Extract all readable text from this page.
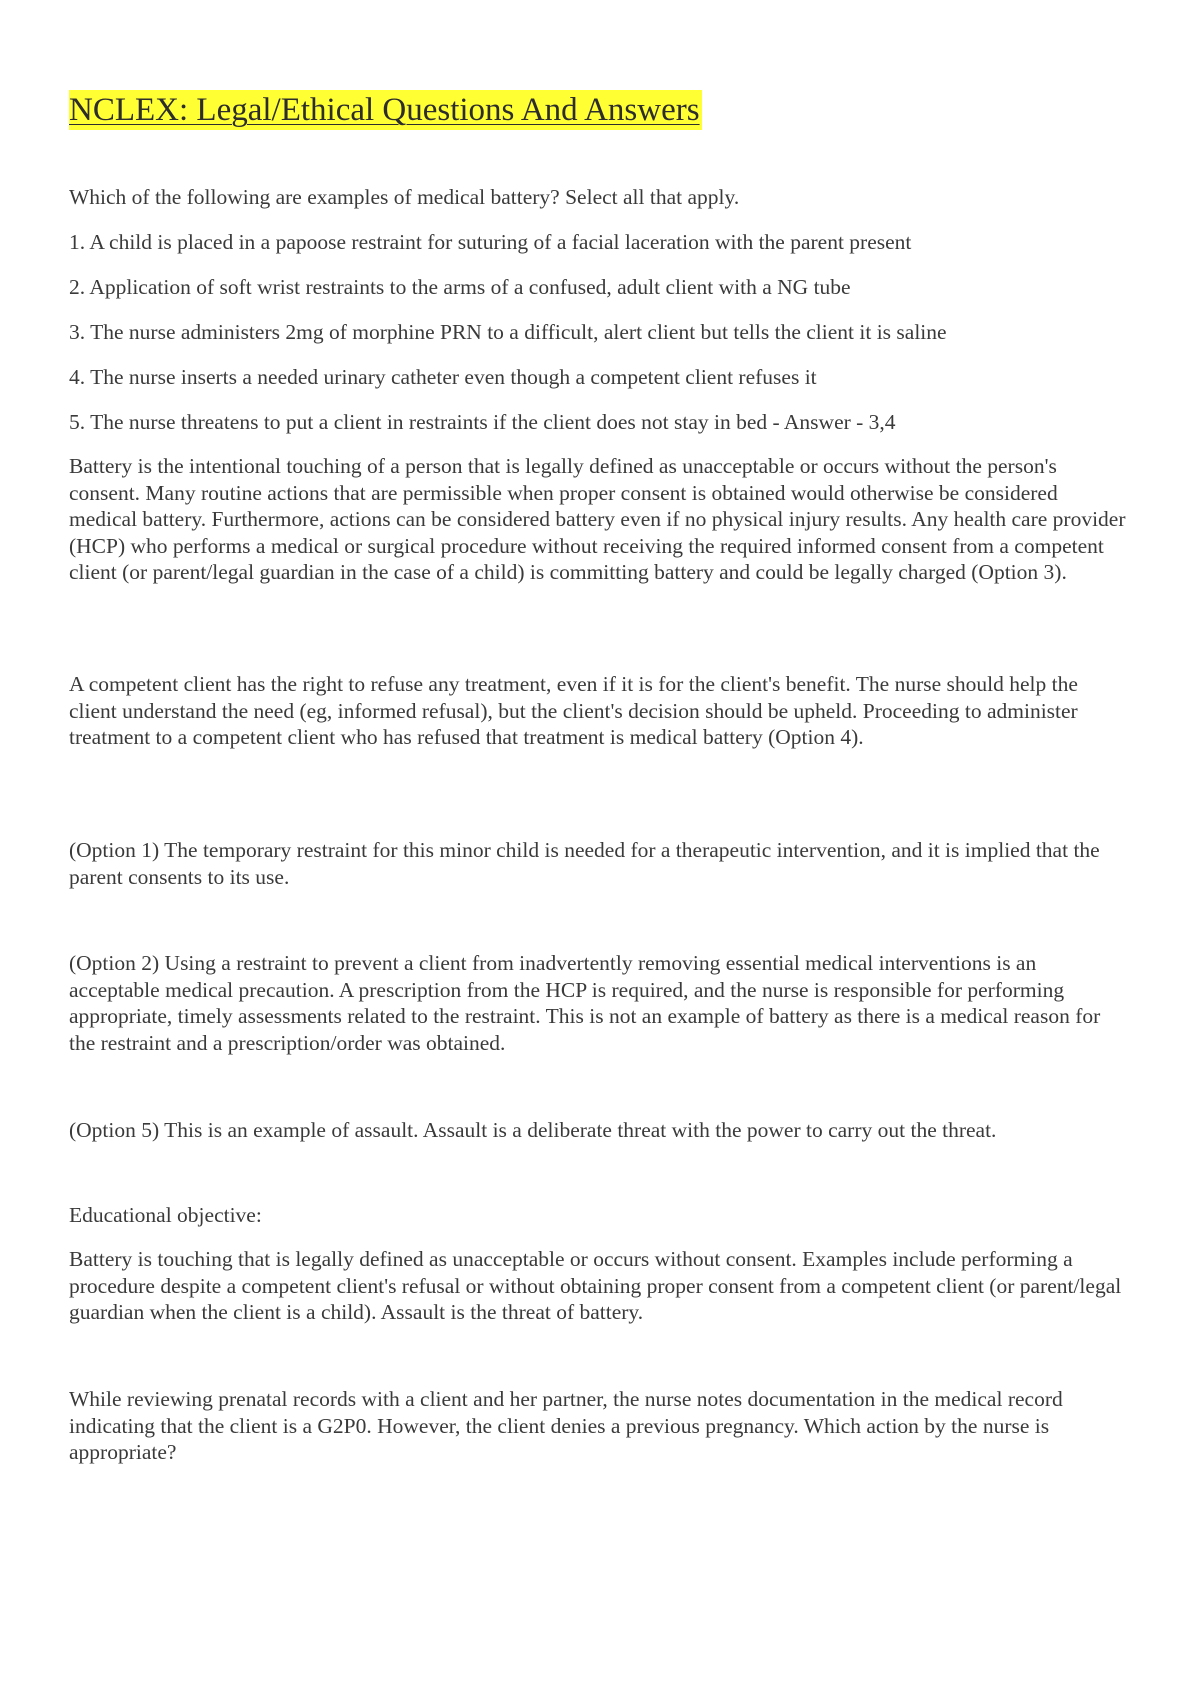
NCLEX: Legal/Ethical Questions And Answers

Which of the following are examples of medical battery? Select all that apply.

1. A child is placed in a papoose restraint for suturing of a facial laceration with the parent present

2. Application of soft wrist restraints to the arms of a confused, adult client with a NG tube

3. The nurse administers 2mg of morphine PRN to a difficult, alert client but tells the client it is saline

4. The nurse inserts a needed urinary catheter even though a competent client refuses it

5. The nurse threatens to put a client in restraints if the client does not stay in bed - Answer - 3,4

Battery is the intentional touching of a person that is legally defined as unacceptable or occurs without the person's consent. Many routine actions that are permissible when proper consent is obtained would otherwise be considered medical battery. Furthermore, actions can be considered battery even if no physical injury results. Any health care provider (HCP) who performs a medical or surgical procedure without receiving the required informed consent from a competent client (or parent/legal guardian in the case of a child) is committing battery and could be legally charged (Option 3).

A competent client has the right to refuse any treatment, even if it is for the client's benefit. The nurse should help the client understand the need (eg, informed refusal), but the client's decision should be upheld. Proceeding to administer treatment to a competent client who has refused that treatment is medical battery (Option 4).

(Option 1) The temporary restraint for this minor child is needed for a therapeutic intervention, and it is implied that the parent consents to its use.

(Option 2) Using a restraint to prevent a client from inadvertently removing essential medical interventions is an acceptable medical precaution. A prescription from the HCP is required, and the nurse is responsible for performing appropriate, timely assessments related to the restraint. This is not an example of battery as there is a medical reason for the restraint and a prescription/order was obtained.

(Option 5) This is an example of assault. Assault is a deliberate threat with the power to carry out the threat.

Educational objective:

Battery is touching that is legally defined as unacceptable or occurs without consent. Examples include performing a procedure despite a competent client's refusal or without obtaining proper consent from a competent client (or parent/legal guardian when the client is a child). Assault is the threat of battery.

While reviewing prenatal records with a client and her partner, the nurse notes documentation in the medical record indicating that the client is a G2P0. However, the client denies a previous pregnancy. Which action by the nurse is appropriate?
